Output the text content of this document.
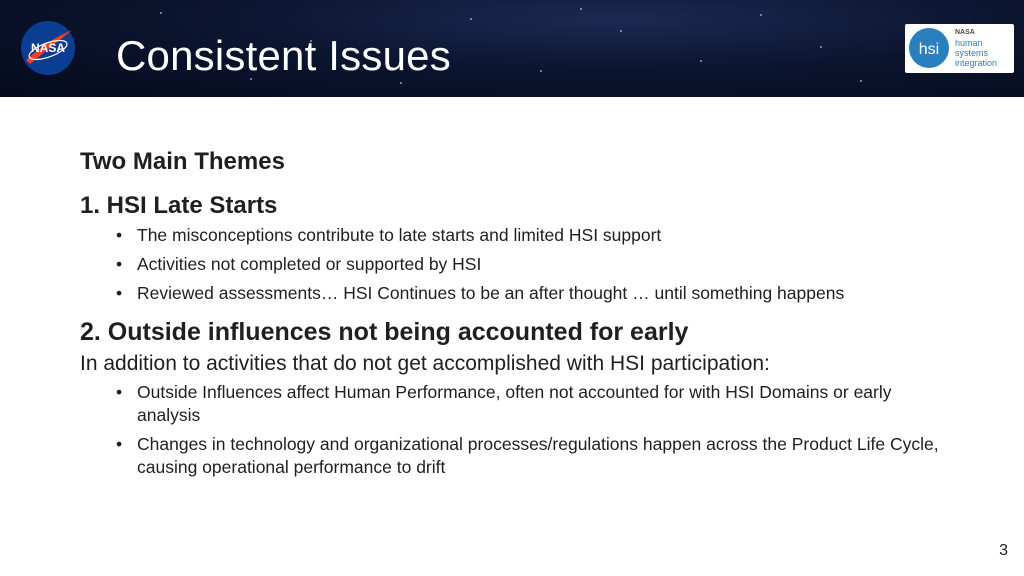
NASA Consistent Issues	hsi
NASA
human
systems
integration
Two Main Themes
1. HSI Late Starts
• The misconceptions contribute to late starts and limited HSI support
• Activities not completed or supported by HSI
• Reviewed assessments… HSI Continues to be an after thought … until something happens
2. Outside influences not being accounted for early
In addition to activities that do not get accomplished with HSI participation:
• Outside Influences affect Human Performance, often not accounted for with HSI Domains or early analysis
• Changes in technology and organizational processes/regulations happen across the Product Life Cycle, causing operational performance to drift
3
